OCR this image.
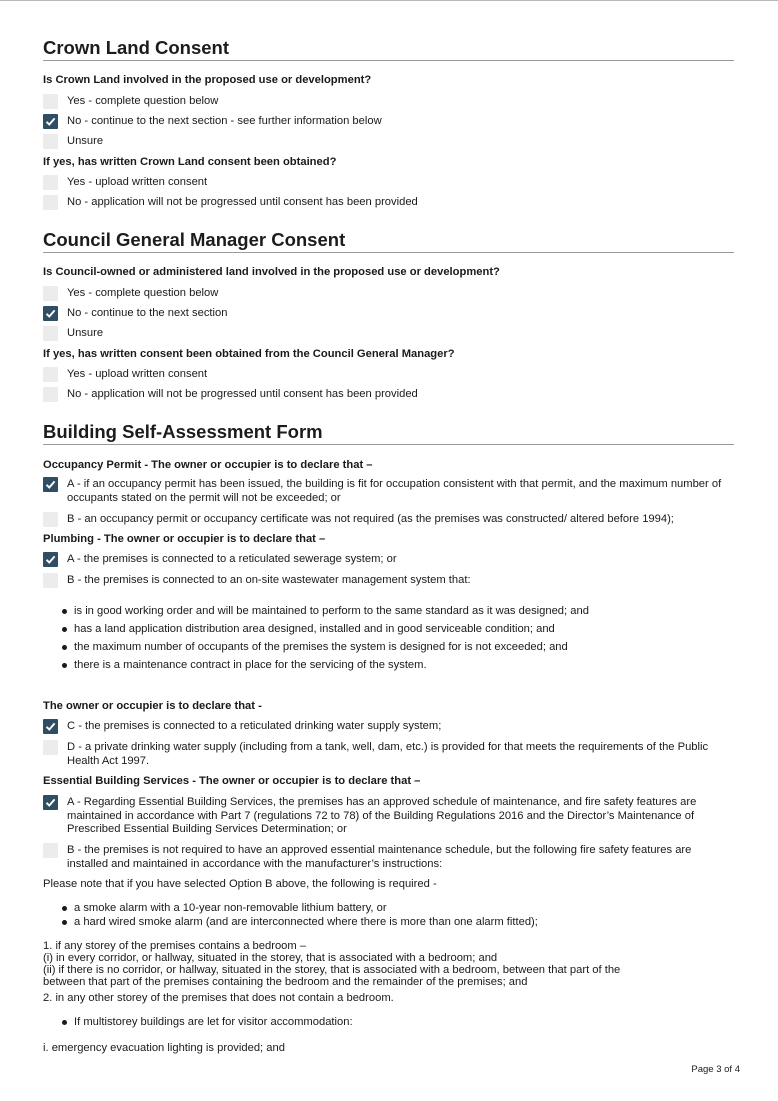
Crown Land Consent
Is Crown Land involved in the proposed use or development?
Yes - complete question below
No - continue to the next section - see further information below
Unsure
If yes, has written Crown Land consent been obtained?
Yes - upload written consent
No - application will not be progressed until consent has been provided
Council General Manager Consent
Is Council-owned or administered land involved in the proposed use or development?
Yes - complete question below
No - continue to the next section
Unsure
If yes, has written consent been obtained from the Council General Manager?
Yes - upload written consent
No - application will not be progressed until consent has been provided
Building Self-Assessment Form
Occupancy Permit - The owner or occupier is to declare that –
A - if an occupancy permit has been issued, the building is fit for occupation consistent with that permit, and the maximum number of occupants stated on the permit will not be exceeded; or
B - an occupancy permit or occupancy certificate was not required (as the premises was constructed/ altered before 1994);
Plumbing - The owner or occupier is to declare that –
A - the premises is connected to a reticulated sewerage system; or
B - the premises is connected to an on-site wastewater management system that:
is in good working order and will be maintained to perform to the same standard as it was designed; and
has a land application distribution area designed, installed and in good serviceable condition; and
the maximum number of occupants of the premises the system is designed for is not exceeded; and
there is a maintenance contract in place for the servicing of the system.
The owner or occupier is to declare that -
C - the premises is connected to a reticulated drinking water supply system;
D - a private drinking water supply (including from a tank, well, dam, etc.) is provided for that meets the requirements of the Public Health Act 1997.
Essential Building Services - The owner or occupier is to declare that –
A - Regarding Essential Building Services, the premises has an approved schedule of maintenance, and fire safety features are maintained in accordance with Part 7 (regulations 72 to 78) of the Building Regulations 2016 and the Director’s Maintenance of Prescribed Essential Building Services Determination; or
B - the premises is not required to have an approved essential maintenance schedule, but the following fire safety features are installed and maintained in accordance with the manufacturer’s instructions:
Please note that if you have selected Option B above, the following is required -
a smoke alarm with a 10-year non-removable lithium battery, or
a hard wired smoke alarm (and are interconnected where there is more than one alarm fitted);
1. if any storey of the premises contains a bedroom –
(i) in every corridor, or hallway, situated in the storey, that is associated with a bedroom; and
(ii) if there is no corridor, or hallway, situated in the storey, that is associated with a bedroom, between that part of the
between that part of the premises containing the bedroom and the remainder of the premises; and
2. in any other storey of the premises that does not contain a bedroom.
If multistorey buildings are let for visitor accommodation:
i. emergency evacuation lighting is provided; and
Page 3 of 4
